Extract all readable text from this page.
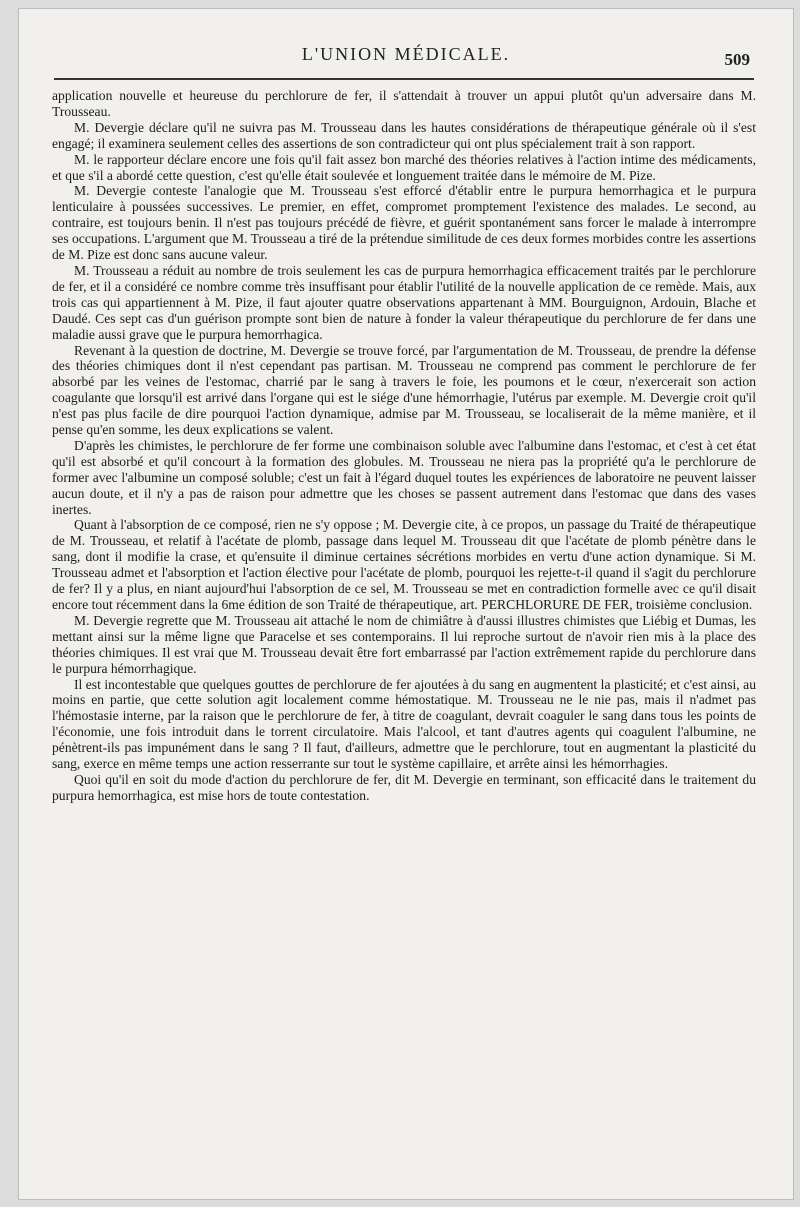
L'UNION MÉDICALE.	509

application nouvelle et heureuse du perchlorure de fer, il s'attendait à trouver un appui plutôt qu'un adversaire dans M. Trousseau.

M. Devergie déclare qu'il ne suivra pas M. Trousseau dans les hautes considérations de thérapeutique générale où il s'est engagé; il examinera seulement celles des assertions de son contradicteur qui ont plus spécialement trait à son rapport.

M. le rapporteur déclare encore une fois qu'il fait assez bon marché des théories relatives à l'action intime des médicaments, et que s'il a abordé cette question, c'est qu'elle était soulevée et longuement traitée dans le mémoire de M. Pize.

M. Devergie conteste l'analogie que M. Trousseau s'est efforcé d'établir entre le purpura hemorrhagica et le purpura lenticulaire à poussées successives. Le premier, en effet, compromet promptement l'existence des malades. Le second, au contraire, est toujours benin. Il n'est pas toujours précédé de fièvre, et guérit spontanément sans forcer le malade à interrompre ses occupations. L'argument que M. Trousseau a tiré de la prétendue similitude de ces deux formes morbides contre les assertions de M. Pize est donc sans aucune valeur.

M. Trousseau a réduit au nombre de trois seulement les cas de purpura hemorrhagica efficacement traités par le perchlorure de fer, et il a considéré ce nombre comme très insuffisant pour établir l'utilité de la nouvelle application de ce remède. Mais, aux trois cas qui appartiennent à M. Pize, il faut ajouter quatre observations appartenant à MM. Bourguignon, Ardouin, Blache et Daudé. Ces sept cas d'un guérison prompte sont bien de nature à fonder la valeur thérapeutique du perchlorure de fer dans une maladie aussi grave que le purpura hemorrhagica.

Revenant à la question de doctrine, M. Devergie se trouve forcé, par l'argumentation de M. Trousseau, de prendre la défense des théories chimiques dont il n'est cependant pas partisan. M. Trousseau ne comprend pas comment le perchlorure de fer absorbé par les veines de l'estomac, charrié par le sang à travers le foie, les poumons et le cœur, n'exercerait son action coagulante que lorsqu'il est arrivé dans l'organe qui est le siége d'une hémorrhagie, l'utérus par exemple. M. Devergie croit qu'il n'est pas plus facile de dire pourquoi l'action dynamique, admise par M. Trousseau, se localiserait de la même manière, et il pense qu'en somme, les deux explications se valent.

D'après les chimistes, le perchlorure de fer forme une combinaison soluble avec l'albumine dans l'estomac, et c'est à cet état qu'il est absorbé et qu'il concourt à la formation des globules. M. Trousseau ne niera pas la propriété qu'a le perchlorure de former avec l'albumine un composé soluble; c'est un fait à l'égard duquel toutes les expériences de laboratoire ne peuvent laisser aucun doute, et il n'y a pas de raison pour admettre que les choses se passent autrement dans l'estomac que dans des vases inertes.

Quant à l'absorption de ce composé, rien ne s'y oppose ; M. Devergie cite, à ce propos, un passage du Traité de thérapeutique de M. Trousseau, et relatif à l'acétate de plomb, passage dans lequel M. Trousseau dit que l'acétate de plomb pénètre dans le sang, dont il modifie la crase, et qu'ensuite il diminue certaines sécrétions morbides en vertu d'une action dynamique. Si M. Trousseau admet et l'absorption et l'action élective pour l'acétate de plomb, pourquoi les rejette-t-il quand il s'agit du perchlorure de fer? Il y a plus, en niant aujourd'hui l'absorption de ce sel, M. Trousseau se met en contradiction formelle avec ce qu'il disait encore tout récemment dans la 6me édition de son Traité de thérapeutique, art. PERCHLORURE DE FER, troisième conclusion.

M. Devergie regrette que M. Trousseau ait attaché le nom de chimiâtre à d'aussi illustres chimistes que Liébig et Dumas, les mettant ainsi sur la même ligne que Paracelse et ses contemporains. Il lui reproche surtout de n'avoir rien mis à la place des théories chimiques. Il est vrai que M. Trousseau devait être fort embarrassé par l'action extrêmement rapide du perchlorure dans le purpura hémorrhagique.

Il est incontestable que quelques gouttes de perchlorure de fer ajoutées à du sang en augmentent la plasticité; et c'est ainsi, au moins en partie, que cette solution agit localement comme hémostatique. M. Trousseau ne le nie pas, mais il n'admet pas l'hémostasie interne, par la raison que le perchlorure de fer, à titre de coagulant, devrait coaguler le sang dans tous les points de l'économie, une fois introduit dans le torrent circulatoire. Mais l'alcool, et tant d'autres agents qui coagulent l'albumine, ne pénètrent-ils pas impunément dans le sang ? Il faut, d'ailleurs, admettre que le perchlorure, tout en augmentant la plasticité du sang, exerce en même temps une action resserrante sur tout le système capillaire, et arrête ainsi les hémorrhagies.

Quoi qu'il en soit du mode d'action du perchlorure de fer, dit M. Devergie en terminant, son efficacité dans le traitement du purpura hemorrhagica, est mise hors de toute contestation.
